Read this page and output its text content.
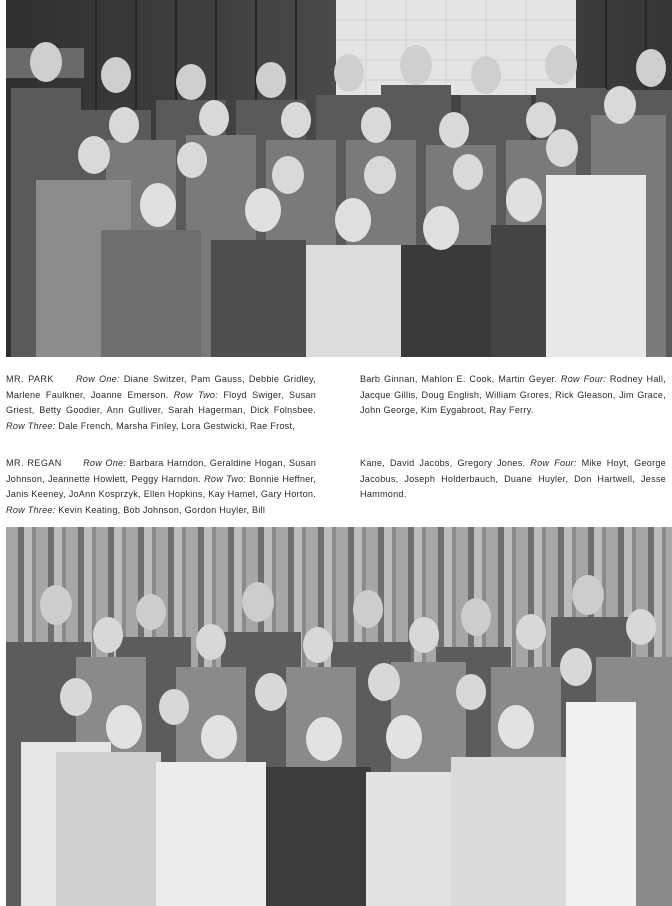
MR. PARK Row One: Diane Switzer, Pam Gauss, Debbie Gridley, Marlene Faulkner, Joanne Emerson. Row Two: Floyd Swiger, Susan Griest, Betty Goodier, Ann Gulliver, Sarah Hagerman, Dick Folnsbee. Row Three: Dale French, Marsha Finley, Lora Gestwicki, Rae Frost,

Barb Ginnan, Mahlon E. Cook, Martin Geyer. Row Four: Rodney Hall, Jacque Gillis, Doug English, William Grores, Rick Gleason, Jim Grace, John George, Kim Eygabroot, Ray Ferry.

MR. REGAN Row One: Barbara Harndon, Geraldine Hogan, Susan Johnson, Jeannette Howlett, Peggy Harndon. Row Two: Bonnie Heffner, Janis Keeney, JoAnn Kosprzyk, Ellen Hopkins, Kay Hamel, Gary Horton. Row Three: Kevin Keating, Bob Johnson, Gordon Huyler, Bill

Kane, David Jacobs, Gregory Jones. Row Four: Mike Hoyt, George Jacobus, Joseph Holderbauch, Duane Huyler, Don Hartwell, Jesse Hammond.
